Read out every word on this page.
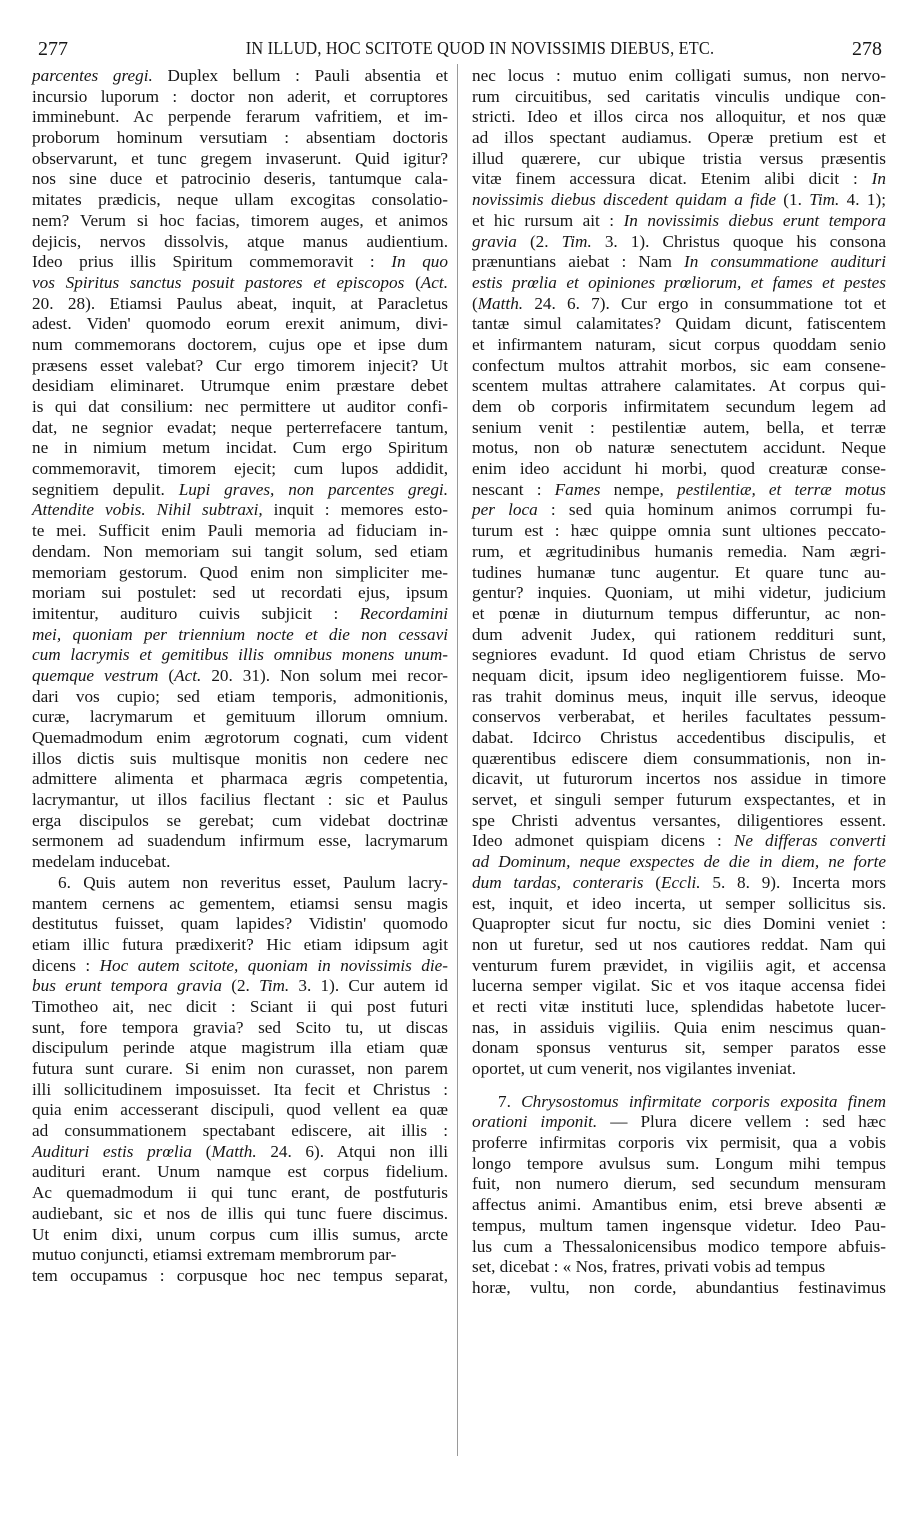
277	IN ILLUD, HOC SCITOTE QUOD IN NOVISSIMIS DIEBUS, ETC.	278
parcentes gregi. Duplex bellum : Pauli absentia et
incursio luporum : doctor non aderit, et corruptores
imminebunt. Ac perpende ferarum vafritiem, et im-
proborum hominum versutiam : absentiam doctoris
observarunt, et tunc gregem invaserunt. Quid igitur?
nos sine duce et patrocinio deseris, tantumque cala-
mitates prædicis, neque ullam excogitas consolatio-
nem? Verum si hoc facias, timorem auges, et animos
dejicis, nervos dissolvis, atque manus audientium.
Ideo prius illis Spiritum commemoravit : In quo
vos Spiritus sanctus posuit pastores et episcopos (Act.
20. 28). Etiamsi Paulus abeat, inquit, at Paracletus
adest. Viden' quomodo eorum erexit animum, divi-
num commemorans doctorem, cujus ope et ipse dum
præsens esset valebat? Cur ergo timorem injecit? Ut
desidiam eliminaret. Utrumque enim præstare debet
is qui dat consilium: nec permittere ut auditor confi-
dat, ne segnior evadat; neque perterrefacere tantum,
ne in nimium metum incidat. Cum ergo Spiritum
commemoravit, timorem ejecit; cum lupos addidit,
segnitiem depulit. Lupi graves, non parcentes gregi.
Attendite vobis. Nihil subtraxi, inquit : memores esto-
te mei. Sufficit enim Pauli memoria ad fiduciam in-
dendam. Non memoriam sui tangit solum, sed etiam
memoriam gestorum. Quod enim non simpliciter me-
moriam sui postulet: sed ut recordati ejus, ipsum
imitentur, audituro cuivis subjicit : Recordamini
mei, quoniam per triennium nocte et die non cessavi
cum lacrymis et gemitibus illis omnibus monens unum-
quemque vestrum (Act. 20. 31). Non solum mei recor-
dari vos cupio; sed etiam temporis, admonitionis,
curæ, lacrymarum et gemituum illorum omnium.
Quemadmodum enim ægrotorum cognati, cum vident
illos dictis suis multisque monitis non cedere nec
admittere alimenta et pharmaca ægris competentia,
lacrymantur, ut illos facilius flectant : sic et Paulus
erga discipulos se gerebat; cum videbat doctrinæ
sermonem ad suadendum infirmum esse, lacrymarum
medelam inducebat.
6. Quis autem non reveritus esset, Paulum lacry-
mantem cernens ac gementem, etiamsi sensu magis
destitutus fuisset, quam lapides? Vidistin' quomodo
etiam illic futura prædixerit? Hic etiam idipsum agit
dicens : Hoc autem scitote, quoniam in novissimis die-
bus erunt tempora gravia (2. Tim. 3. 1). Cur autem id
Timotheo ait, nec dicit : Sciant ii qui post futuri
sunt, fore tempora gravia? sed Scito tu, ut discas
discipulum perinde atque magistrum illa etiam quæ
futura sunt curare. Si enim non curasset, non parem
illi sollicitudinem imposuisset. Ita fecit et Christus :
quia enim accesserant discipuli, quod vellent ea quæ
ad consummationem spectabant ediscere, ait illis :
Audituri estis prœlia (Matth. 24. 6). Atqui non illi
audituri erant. Unum namque est corpus fidelium.
Ac quemadmodum ii qui tunc erant, de postfuturis
audiebant, sic et nos de illis qui tunc fuere discimus.
Ut enim dixi, unum corpus cum illis sumus, arcte
mutuo conjuncti, etiamsi extremam membrorum par-
tem occupamus : corpusque hoc nec tempus separat,
nec locus : mutuo enim colligati sumus, non nervo-
rum circuitibus, sed caritatis vinculis undique con-
stricti. Ideo et illos circa nos alloquitur, et nos quæ
ad illos spectant audiamus. Operæ pretium est et
illud quærere, cur ubique tristia versus præsentis
vitæ finem accessura dicat. Etenim alibi dicit : In
novissimis diebus discedent quidam a fide (1. Tim. 4. 1);
et hic rursum ait : In novissimis diebus erunt tempora
gravia (2. Tim. 3. 1). Christus quoque his consona
prænuntians aiebat : Nam In consummatione audituri
estis prœlia et opiniones prœliorum, et fames et pestes
(Matth. 24. 6. 7). Cur ergo in consummatione tot et
tantæ simul calamitates? Quidam dicunt, fatiscentem
et infirmantem naturam, sicut corpus quoddam senio
confectum multos attrahit morbos, sic eam consene-
scentem multas attrahere calamitates. At corpus qui-
dem ob corporis infirmitatem secundum legem ad
senium venit : pestilentiæ autem, bella, et terræ
motus, non ob naturæ senectutem accidunt. Neque
enim ideo accidunt hi morbi, quod creaturæ conse-
nescant : Fames nempe, pestilentiæ, et terræ motus
per loca : sed quia hominum animos corrumpi fu-
turum est : hæc quippe omnia sunt ultiones peccato-
rum, et ægritudinibus humanis remedia. Nam ægri-
tudines humanæ tunc augentur. Et quare tunc au-
gentur? inquies. Quoniam, ut mihi videtur, judicium
et pœnæ in diuturnum tempus differuntur, ac non-
dum advenit Judex, qui rationem reddituri sunt,
segniores evadunt. Id quod etiam Christus de servo
nequam dicit, ipsum ideo negligentiorem fuisse. Mo-
ras trahit dominus meus, inquit ille servus, ideoque
conservos verberabat, et heriles facultates pessum-
dabat. Idcirco Christus accedentibus discipulis, et
quærentibus ediscere diem consummationis, non in-
dicavit, ut futurorum incertos nos assidue in timore
servet, et singuli semper futurum exspectantes, et in
spe Christi adventus versantes, diligentiores essent.
Ideo admonet quispiam dicens : Ne differas converti
ad Dominum, neque exspectes de die in diem, ne forte
dum tardas, conteraris (Eccli. 5. 8. 9). Incerta mors
est, inquit, et ideo incerta, ut semper sollicitus sis.
Quapropter sicut fur noctu, sic dies Domini veniet :
non ut furetur, sed ut nos cautiores reddat. Nam qui
venturum furem prævidet, in vigiliis agit, et accensa
lucerna semper vigilat. Sic et vos itaque accensa fidei
et recti vitæ instituti luce, splendidas habetote lucer-
nas, in assiduis vigiliis. Quia enim nescimus quan-
donam sponsus venturus sit, semper paratos esse
oportet, ut cum venerit, nos vigilantes inveniat.
7. Chrysostomus infirmitate corporis exposita finem
orationi imponit. — Plura dicere vellem : sed hæc
proferre infirmitas corporis vix permisit, qua a vobis
longo tempore avulsus sum. Longum mihi tempus
fuit, non numero dierum, sed secundum mensuram
affectus animi. Amantibus enim, etsi breve absenti æ
tempus, multum tamen ingensque videtur. Ideo Pau-
lus cum a Thessalonicensibus modico tempore abfuis-
set, dicebat : « Nos, fratres, privati vobis ad tempus
horæ, vultu, non corde, abundantius festinavimus
